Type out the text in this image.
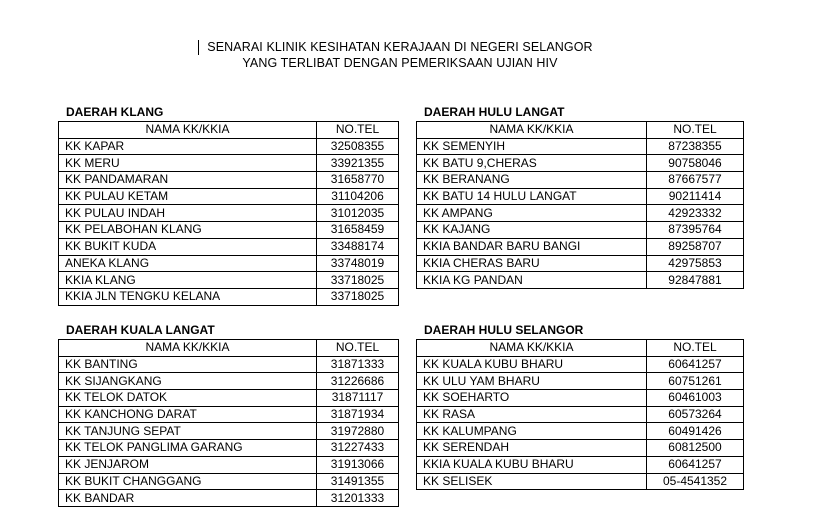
SENARAI KLINIK KESIHATAN KERAJAAN DI NEGERI SELANGOR
YANG TERLIBAT DENGAN PEMERIKSAAN UJIAN HIV
DAERAH KLANG
NAMA KK/KKIA	NO.TEL
KK KAPAR	32508355
KK MERU	33921355
KK PANDAMARAN	31658770
KK PULAU KETAM	31104206
KK PULAU INDAH	31012035
KK PELABOHAN KLANG	31658459
KK BUKIT KUDA	33488174
ANEKA KLANG	33748019
KKIA KLANG	33718025
KKIA JLN TENGKU KELANA	33718025
DAERAH HULU LANGAT
NAMA KK/KKIA	NO.TEL
KK SEMENYIH	87238355
KK BATU 9,CHERAS	90758046
KK BERANANG	87667577
KK BATU 14 HULU LANGAT	90211414
KK AMPANG	42923332
KK KAJANG	87395764
KKIA BANDAR BARU BANGI	89258707
KKIA CHERAS BARU	42975853
KKIA KG PANDAN	92847881
DAERAH KUALA LANGAT
NAMA KK/KKIA	NO.TEL
KK BANTING	31871333
KK SIJANGKANG	31226686
KK TELOK DATOK	31871117
KK KANCHONG DARAT	31871934
KK TANJUNG SEPAT	31972880
KK TELOK PANGLIMA GARANG	31227433
KK JENJAROM	31913066
KK BUKIT CHANGGANG	31491355
KK BANDAR	31201333
DAERAH HULU SELANGOR
NAMA KK/KKIA	NO.TEL
KK KUALA KUBU BHARU	60641257
KK ULU YAM BHARU	60751261
KK SOEHARTO	60461003
KK RASA	60573264
KK KALUMPANG	60491426
KK SERENDAH	60812500
KKIA KUALA KUBU BHARU	60641257
KK SELISEK	05-4541352
